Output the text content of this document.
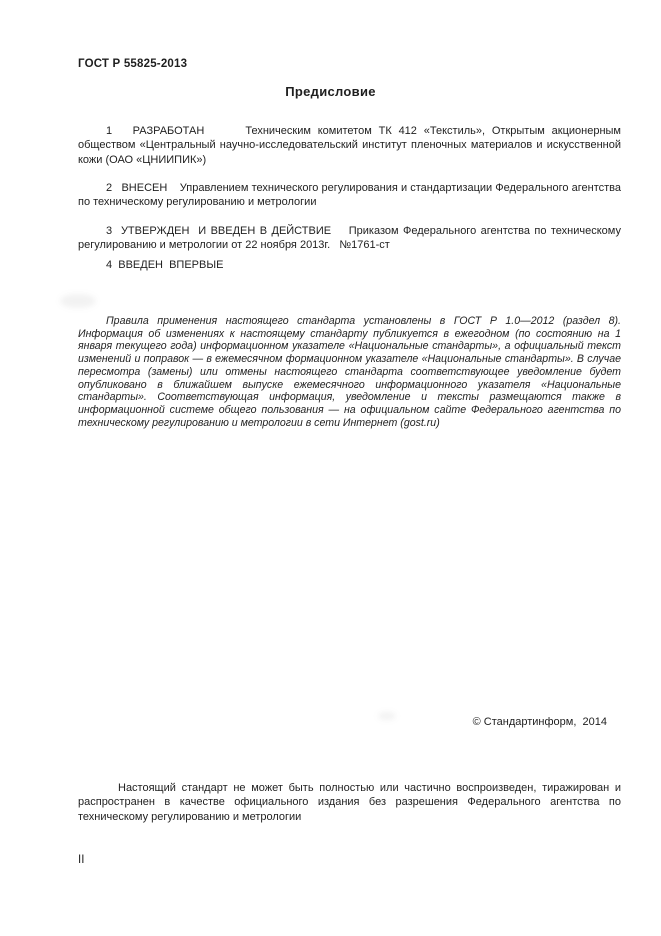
ГОСТ Р 55825-2013
Предисловие

1   РАЗРАБОТАН      Техническим комитетом ТК 412 «Текстиль», Открытым акционерным обществом «Центральный научно-исследовательский институт пленочных материалов и искусственной кожи (ОАО «ЦНИИПИК»)

2   ВНЕСЕН    Управлением технического регулирования и стандартизации Федерального агентства по техническому регулированию и метрологии

3  УТВЕРЖДЕН  И ВВЕДЕН В ДЕЙСТВИЕ    Приказом Федерального агентства по техническому регулированию и метрологии от 22 ноября 2013г.   №1761-ст

4  ВВЕДЕН  ВПЕРВЫЕ

Правила применения настоящего стандарта установлены в ГОСТ Р 1.0—2012 (раздел 8). Информация об изменениях к настоящему стандарту публикуется в ежегодном (по состоянию на 1 января текущего года) информационном указателе «Национальные стандарты», а официальный текст изменений и поправок — в ежемесячном формационном указателе «Национальные стандарты». В случае пересмотра (замены) или отмены настоящего стандарта соответствующее уведомление будет опубликовано в ближайшем выпуске ежемесячного информационного указателя «Национальные стандарты». Соответствующая информация, уведомление и тексты размещаются также в информационной системе общего пользования — на официальном сайте Федерального агентства по техническому регулированию и метрологии в сети Интернет (gost.ru)

© Стандартинформ,  2014

Настоящий стандарт не может быть полностью или частично воспроизведен, тиражирован и распространен в качестве официального издания без разрешения Федерального агентства по техническому регулированию и метрологии

II
